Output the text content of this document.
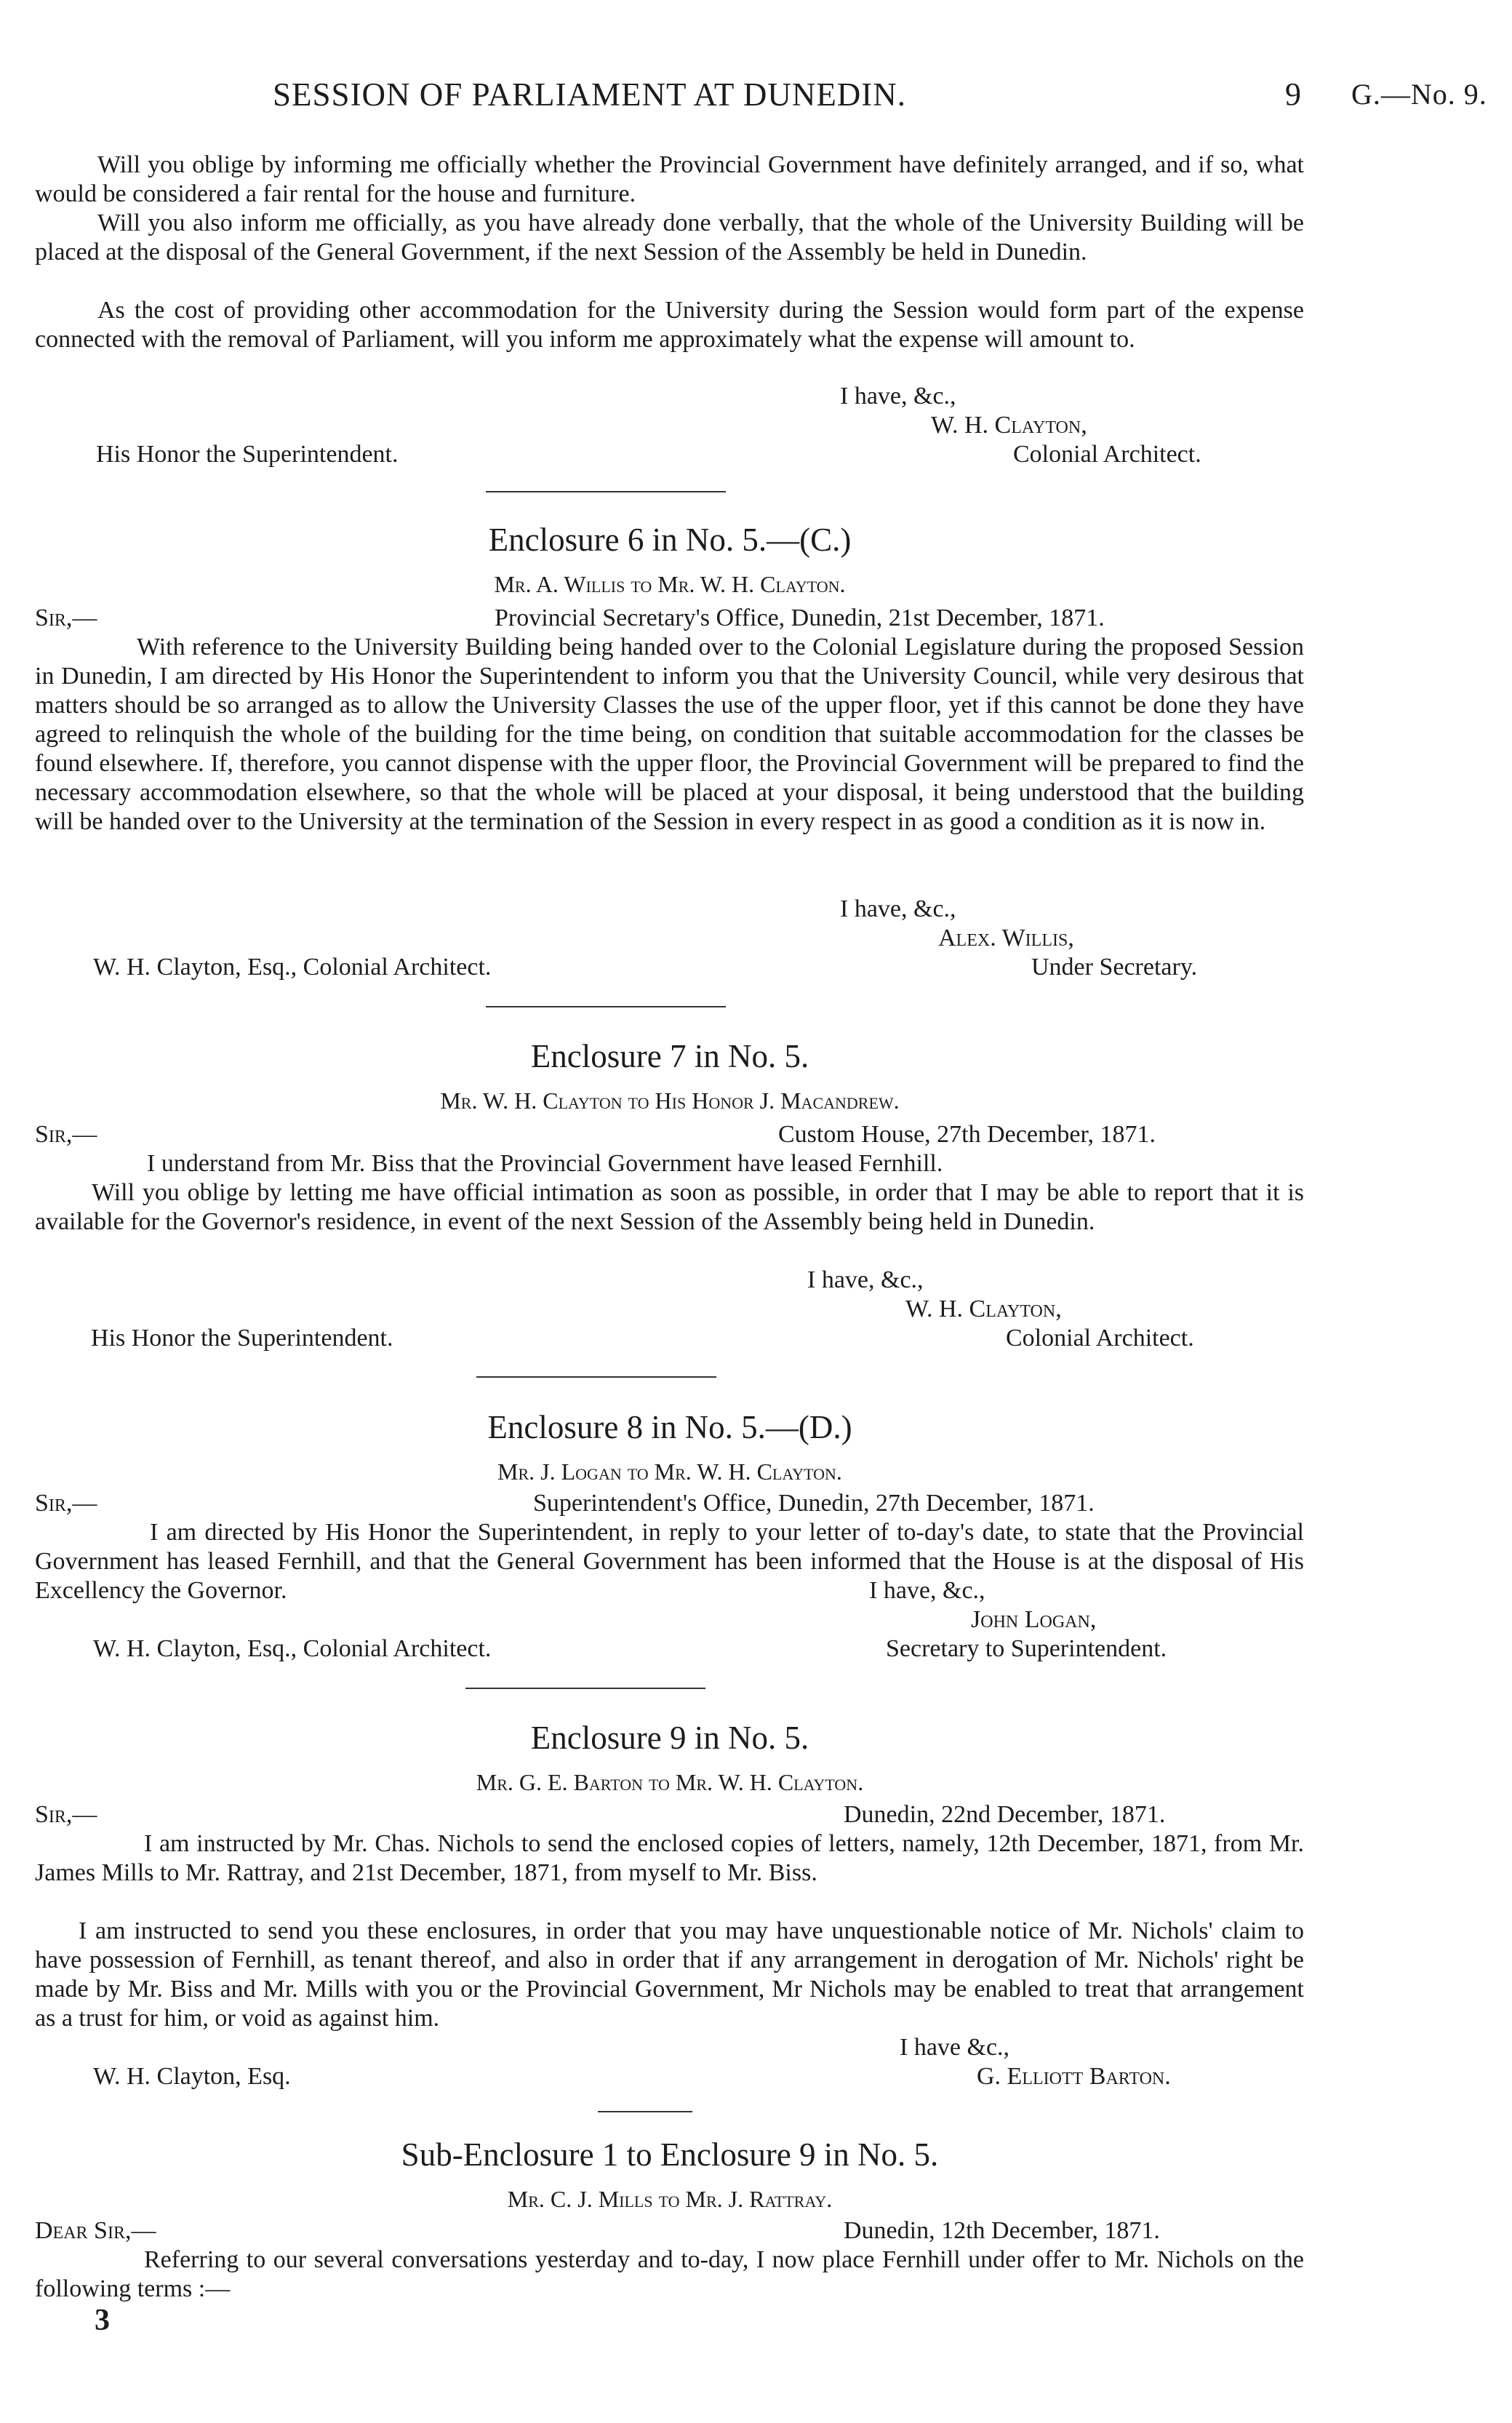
SESSION OF PARLIAMENT AT DUNEDIN.	9 G.—No. 9.

Will you oblige by informing me officially whether the Provincial Government have definitely arranged, and if so, what would be considered a fair rental for the house and furniture.

Will you also inform me officially, as you have already done verbally, that the whole of the University Building will be placed at the disposal of the General Government, if the next Session of the Assembly be held in Dunedin.

As the cost of providing other accommodation for the University during the Session would form part of the expense connected with the removal of Parliament, will you inform me approximately what the expense will amount to.

I have, &c.,
W. H. Clayton,
His Honor the Superintendent.	Colonial Architect.
Enclosure 6 in No. 5.—(C.)
Mr. A. Willis to Mr. W. H. Clayton.
Sir,—	Provincial Secretary's Office, Dunedin, 21st December, 1871.

With reference to the University Building being handed over to the Colonial Legislature during the proposed Session in Dunedin, I am directed by His Honor the Superintendent to inform you that the University Council, while very desirous that matters should be so arranged as to allow the University Classes the use of the upper floor, yet if this cannot be done they have agreed to relinquish the whole of the building for the time being, on condition that suitable accommodation for the classes be found elsewhere. If, therefore, you cannot dispense with the upper floor, the Provincial Government will be prepared to find the necessary accommodation elsewhere, so that the whole will be placed at your disposal, it being understood that the building will be handed over to the University at the termination of the Session in every respect in as good a condition as it is now in.

I have, &c.,
Alex. Willis,
W. H. Clayton, Esq., Colonial Architect.	Under Secretary.
Enclosure 7 in No. 5.
Mr. W. H. Clayton to His Honor J. Macandrew.
Sir,—	Custom House, 27th December, 1871.
I understand from Mr. Biss that the Provincial Government have leased Fernhill.

Will you oblige by letting me have official intimation as soon as possible, in order that I may be able to report that it is available for the Governor's residence, in event of the next Session of the Assembly being held in Dunedin.

I have, &c.,
W. H. Clayton,
His Honor the Superintendent.	Colonial Architect.
Enclosure 8 in No. 5.—(D.)
Mr. J. Logan to Mr. W. H. Clayton.
Sir,—	Superintendent's Office, Dunedin, 27th December, 1871.

I am directed by His Honor the Superintendent, in reply to your letter of to-day's date, to state that the Provincial Government has leased Fernhill, and that the General Government has been informed that the House is at the disposal of His Excellency the Governor.	I have, &c.,
John Logan,
W. H. Clayton, Esq., Colonial Architect.	Secretary to Superintendent.
Enclosure 9 in No. 5.
Mr. G. E. Barton to Mr. W. H. Clayton.
Sir,—	Dunedin, 22nd December, 1871.

I am instructed by Mr. Chas. Nichols to send the enclosed copies of letters, namely, 12th December, 1871, from Mr. James Mills to Mr. Rattray, and 21st December, 1871, from myself to Mr. Biss.

I am instructed to send you these enclosures, in order that you may have unquestionable notice of Mr. Nichols' claim to have possession of Fernhill, as tenant thereof, and also in order that if any arrangement in derogation of Mr. Nichols' right be made by Mr. Biss and Mr. Mills with you or the Provincial Government, Mr Nichols may be enabled to treat that arrangement as a trust for him, or void as against him.

I have &c.,
W. H. Clayton, Esq.	G. Elliott Barton.
Sub-Enclosure 1 to Enclosure 9 in No. 5.
Mr. C. J. Mills to Mr. J. Rattray.
Dear Sir,—	Dunedin, 12th December, 1871.

Referring to our several conversations yesterday and to-day, I now place Fernhill under offer to Mr. Nichols on the following terms :—

3
